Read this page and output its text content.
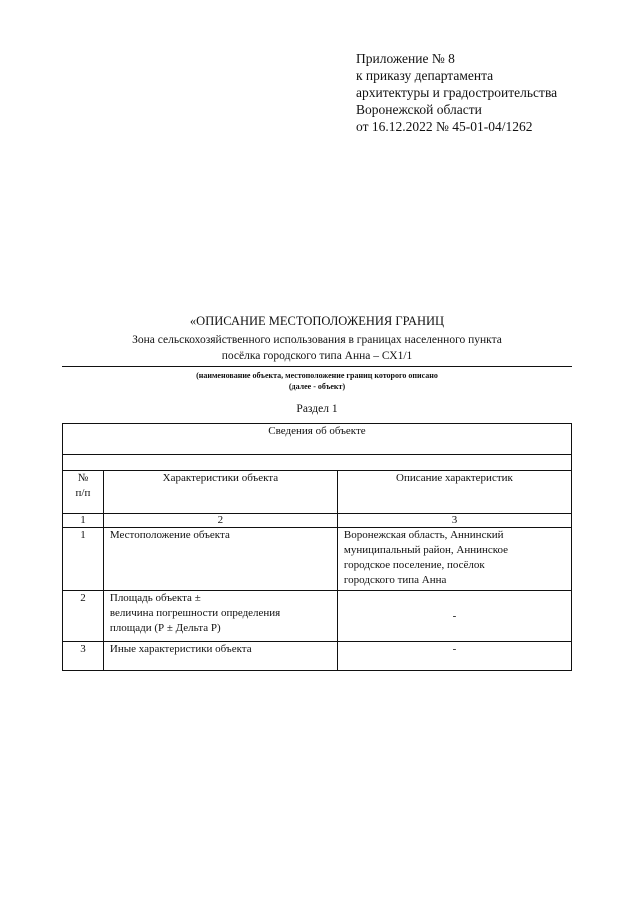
Приложение № 8
к приказу департамента
архитектуры и градостроительства
Воронежской области
от 16.12.2022 № 45-01-04/1262
«ОПИСАНИЕ МЕСТОПОЛОЖЕНИЯ ГРАНИЦ
Зона сельскохозяйственного использования в границах населенного пункта
посёлка городского типа Анна – СХ1/1
(наименование объекта, местоположение границ которого описано
(далее - объект)
Раздел 1
Сведения об объекте		

№
п/п	Характеристики объекта	Описание характеристик
1	2	3
1	Местоположение объекта	Воронежская область, Аннинский
муниципальный район, Аннинское
городское поселение, посёлок
городского типа Анна

2	Площадь объекта ±
величина погрешности определения
площади (Р ± Дельта Р)	-
3	Иные характеристики объекта	-
